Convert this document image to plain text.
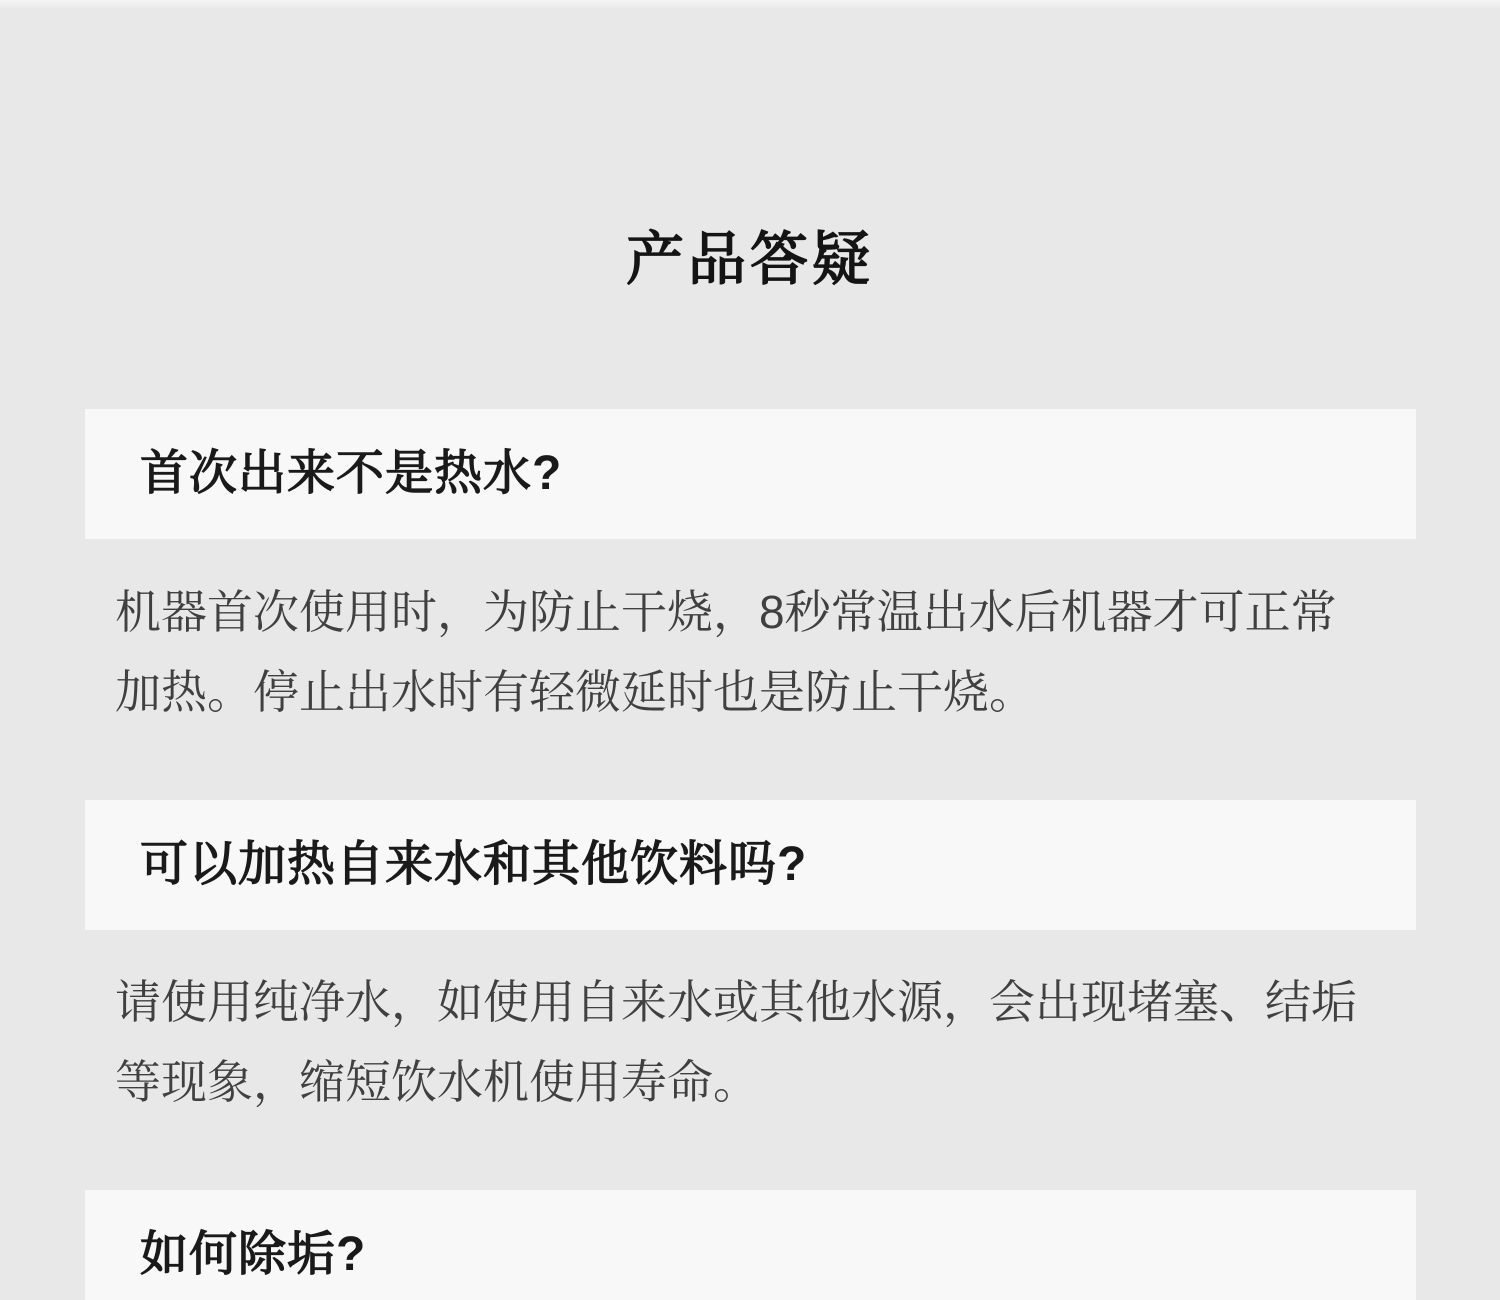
产品答疑
首次出来不是热水?
机器首次使用时，为防止干烧，8秒常温出水后机器才可正常
加热。停止出水时有轻微延时也是防止干烧。
可以加热自来水和其他饮料吗?
请使用纯净水，如使用自来水或其他水源，会出现堵塞、结垢
等现象，缩短饮水机使用寿命。
如何除垢?
